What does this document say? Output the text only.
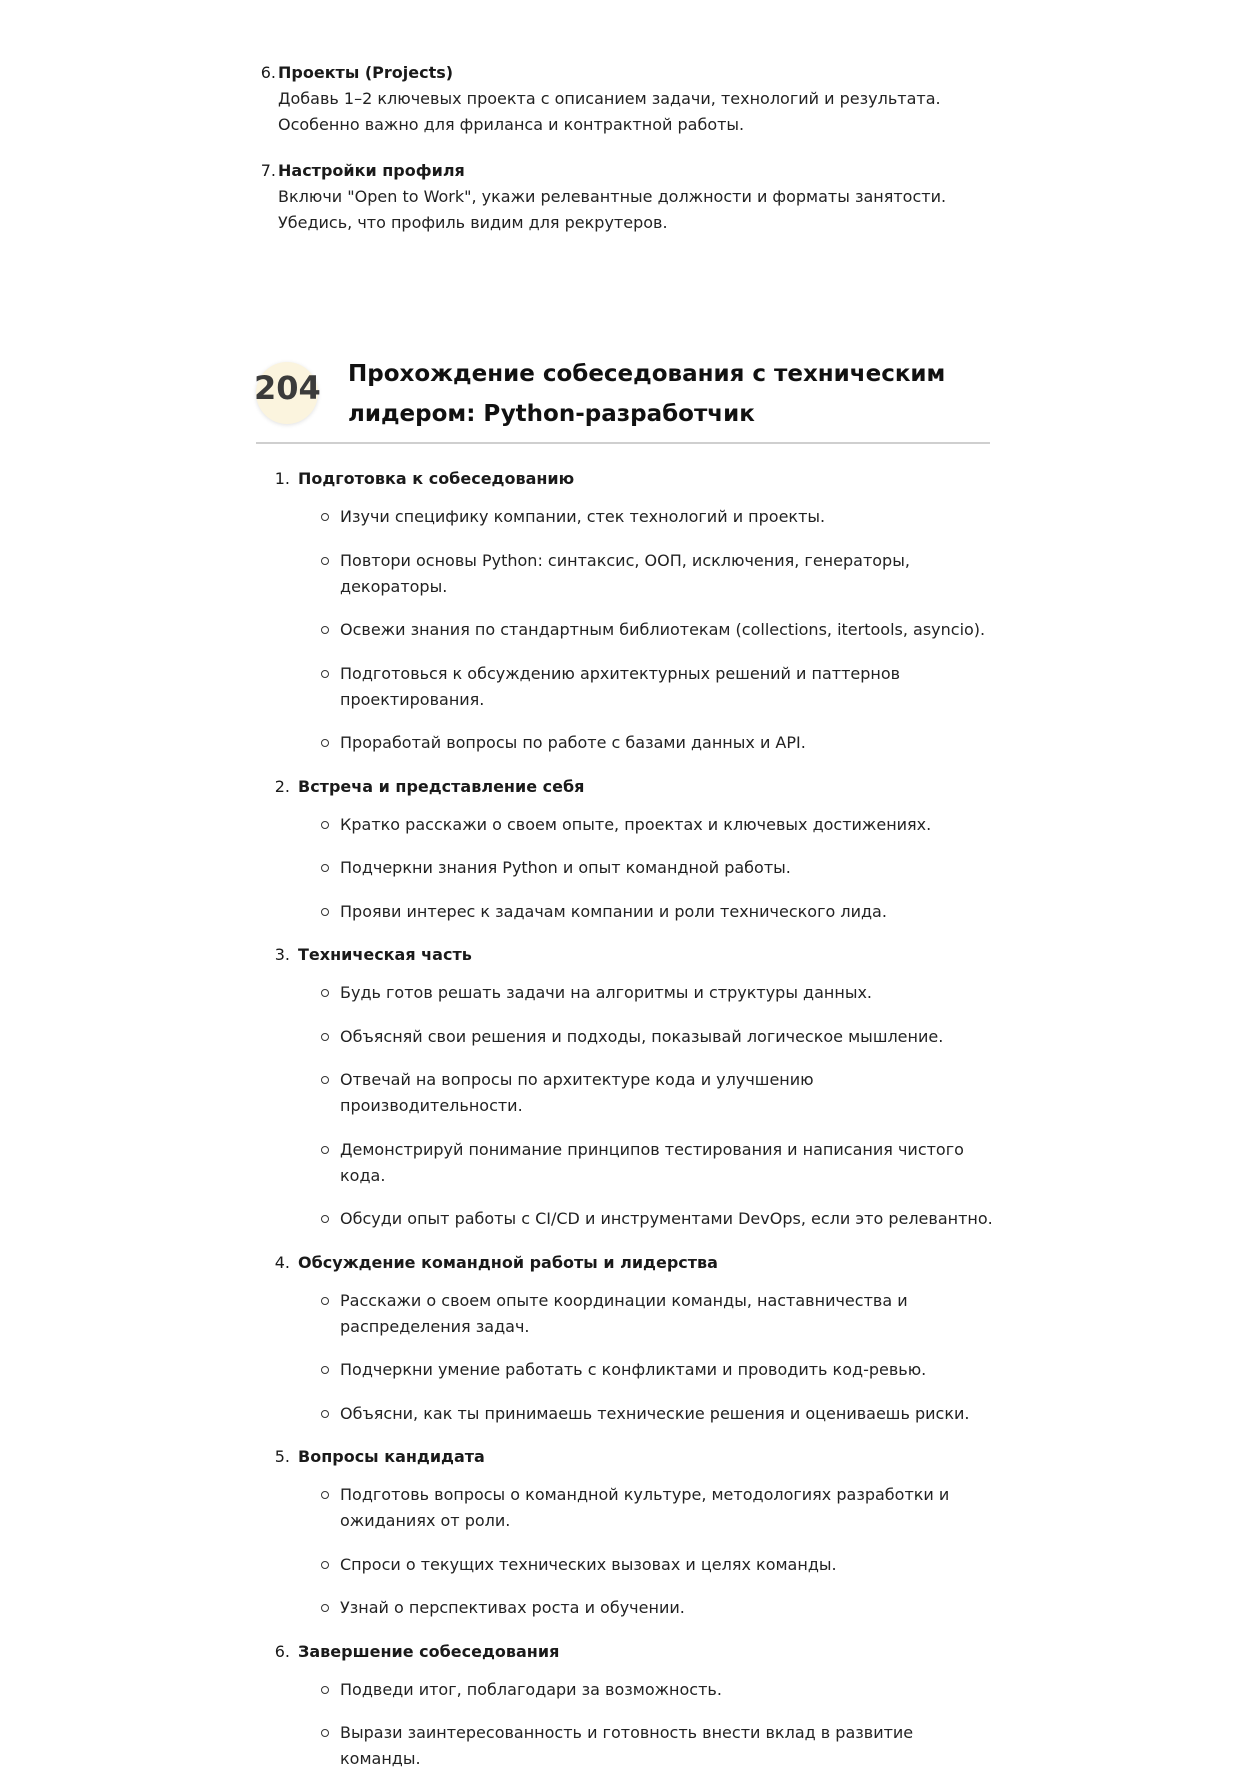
6. Проекты (Projects)
Добавь 1–2 ключевых проекта с описанием задачи, технологий и результата. Особенно важно для фриланса и контрактной работы.
7. Настройки профиля
Включи "Open to Work", укажи релевантные должности и форматы занятости. Убедись, что профиль видим для рекрутеров.
204 Прохождение собеседования с техническим лидером: Python-разработчик
1. Подготовка к собеседованию
Изучи специфику компании, стек технологий и проекты.
Повтори основы Python: синтаксис, ООП, исключения, генераторы, декораторы.
Освежи знания по стандартным библиотекам (collections, itertools, asyncio).
Подготовься к обсуждению архитектурных решений и паттернов проектирования.
Проработай вопросы по работе с базами данных и API.
2. Встреча и представление себя
Кратко расскажи о своем опыте, проектах и ключевых достижениях.
Подчеркни знания Python и опыт командной работы.
Прояви интерес к задачам компании и роли технического лида.
3. Техническая часть
Будь готов решать задачи на алгоритмы и структуры данных.
Объясняй свои решения и подходы, показывай логическое мышление.
Отвечай на вопросы по архитектуре кода и улучшению производительности.
Демонстрируй понимание принципов тестирования и написания чистого кода.
Обсуди опыт работы с CI/CD и инструментами DevOps, если это релевантно.
4. Обсуждение командной работы и лидерства
Расскажи о своем опыте координации команды, наставничества и распределения задач.
Подчеркни умение работать с конфликтами и проводить код-ревью.
Объясни, как ты принимаешь технические решения и оцениваешь риски.
5. Вопросы кандидата
Подготовь вопросы о командной культуре, методологиях разработки и ожиданиях от роли.
Спроси о текущих технических вызовах и целях команды.
Узнай о перспективах роста и обучении.
6. Завершение собеседования
Подведи итог, поблагодари за возможность.
Вырази заинтересованность и готовность внести вклад в развитие команды.
